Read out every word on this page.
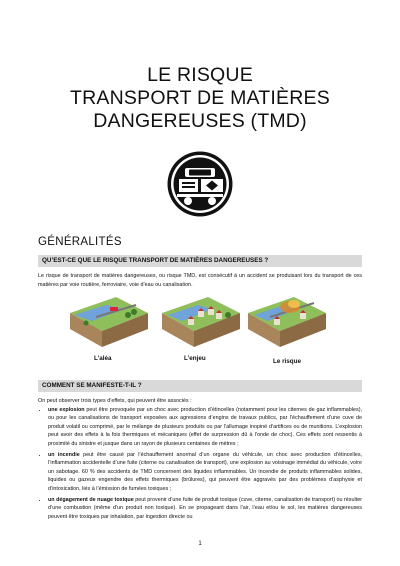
LE RISQUE
TRANSPORT DE MATIÈRES
DANGEREUSES (TMD)
GÉNÉRALITÉS
QU’EST-CE QUE LE RISQUE TRANSPORT DE MATIÈRES DANGEREUSES ?
Le risque de transport de matières dangereuses, ou risque TMD, est consécutif à un accident se produisant lors du transport de ces matières par voie routière, ferroviaire, voie d’eau ou canalisation.
L’aléa	L’enjeu	Le risque
COMMENT SE MANIFESTE-T-IL ?

On peut observer trois types d’effets, qui peuvent être associés :

• une explosion peut être provoquée par un choc avec production d’étincelles (notamment pour les citernes de gaz inflammables), ou pour les canalisations de transport exposées aux agressions d’engins de travaux publics, par l’échauffement d’une cuve de produit volatil ou comprimé, par le mélange de plusieurs produits ou par l’allumage inopiné d’artifices ou de munitions. L’explosion peut avoir des effets à la fois thermiques et mécaniques (effet de surpression dû à l’onde de choc). Ces effets sont ressentis à proximité du sinistre et jusque dans un rayon de plusieurs centaines de mètres ;
• un incendie peut être causé par l’échauffement anormal d’un organe du véhicule, un choc avec production d’étincelles, l’inflammation accidentelle d’une fuite (citerne ou canalisation de transport), une explosion au voisinage immédiat du véhicule, voire un sabotage. 60 % des accidents de TMD concernent des liquides inflammables. Un incendie de produits inflammables solides, liquides ou gazeux engendre des effets thermiques (brûlures), qui peuvent être aggravés par des problèmes d’asphyxie et d’intoxication, liés à l’émission de fumées toxiques ;
• un dégagement de nuage toxique peut provenir d’une fuite de produit toxique (cuve, citerne, canalisation de transport) ou résulter d’une combustion (même d’un produit non toxique). En se propageant dans l’air, l’eau et/ou le sol, les matières dangereuses peuvent être toxiques par inhalation, par ingestion directe ou
1
